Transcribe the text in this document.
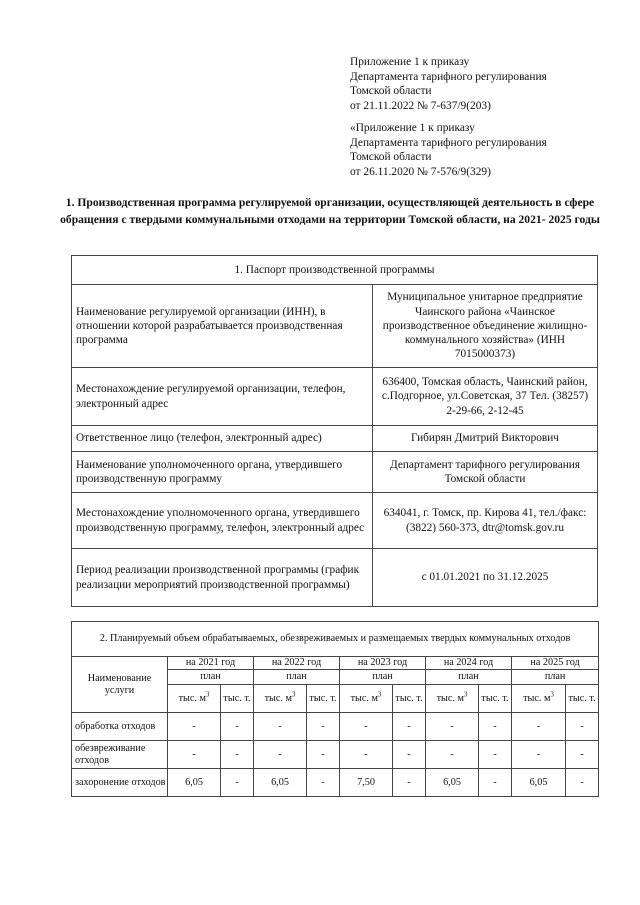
Приложение 1 к приказу
Департамента тарифного регулирования
Томской области
от 21.11.2022 № 7-637/9(203)
«Приложение 1 к приказу
Департамента тарифного регулирования
Томской области
от 26.11.2020 № 7-576/9(329)
1. Производственная программа регулируемой организации, осуществляющей деятельность в сфере обращения с твердыми коммунальными отходами на территории Томской области, на 2021- 2025 годы
1. Паспорт производственной программы	
Наименование регулируемой организации (ИНН), в отношении которой разрабатывается производственная программа	Муниципальное унитарное предприятие Чаинского района «Чаинское производственное объединение жилищно-коммунального хозяйства» (ИНН 7015000373)
Местонахождение регулируемой организации, телефон, электронный адрес	636400, Томская область, Чаинский район, с.Подгорное, ул.Советская, 37 Тел. (38257) 2-29-66, 2-12-45
Ответственное лицо (телефон, электронный адрес)	Гибирян Дмитрий Викторович
Наименование уполномоченного органа, утвердившего производственную программу	Департамент тарифного регулирования Томской области
Местонахождение уполномоченного органа, утвердившего производственную программу, телефон, электронный адрес	634041, г. Томск, пр. Кирова 41, тел./факс: (3822) 560-373, dtr@tomsk.gov.ru
Период реализации производственной программы (график реализации мероприятий производственной программы)	с 01.01.2021 по 31.12.2025
2. Планируемый объем обрабатываемых, обезвреживаемых и размещаемых твердых коммунальных отходов										
Наименование услуги	на 2021 год		на 2022 год		на 2023 год		на 2024 год		на 2025 год	
	план		план		план		план		план	
	тыс. $м^3$	тыс. т.	тыс. $м^3$	тыс. т.	тыс. $м^3$	тыс. т.	тыс. $м^3$	тыс. т.	тыс. $м^3$	тыс. т.
обработка отходов	-	-	-	-	-	-	-	-	-	-
обезвреживание отходов	-	-	-	-	-	-	-	-	-	-
захоронение отходов	6,05	-	6,05	-	7,50	-	6,05	-	6,05	-
